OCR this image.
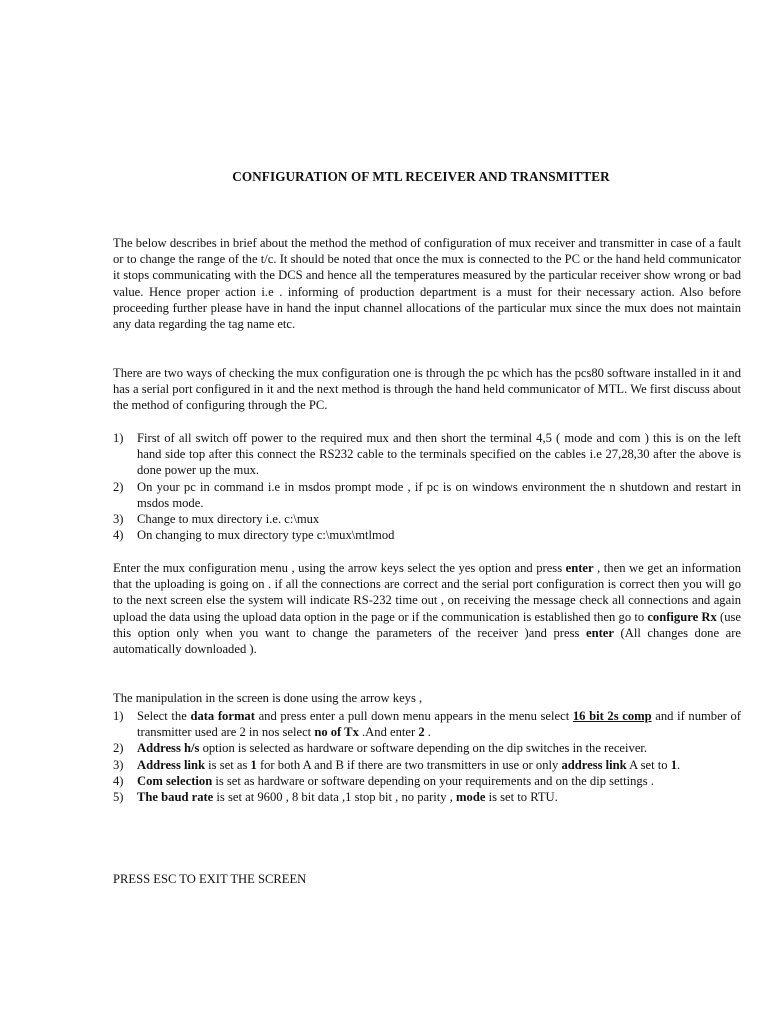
CONFIGURATION OF MTL RECEIVER AND TRANSMITTER

The below describes in brief about the method the method of configuration of mux receiver and transmitter in case of a fault or to change the range of the t/c. It should be noted that once the mux is connected to the PC or the hand held communicator it stops communicating with the DCS and hence all the temperatures measured by the particular receiver show wrong or bad value. Hence proper action i.e . informing of production department is a must for their necessary action. Also before proceeding further please have in hand the input channel allocations of the particular mux since the mux does not maintain any data regarding the tag name etc.

There are two ways of checking the mux configuration one is through the pc which has the pcs80 software installed in it and has a serial port configured in it and the next method is through the hand held communicator of MTL. We first discuss about the method of configuring through the PC.

1) First of all switch off power to the required mux and then short the terminal 4,5 ( mode and com ) this is on the left hand side top after this connect the RS232 cable to the terminals specified on the cables i.e 27,28,30 after the above is done power up the mux.
2) On your pc in command i.e in msdos prompt mode , if pc is on windows environment the n shutdown and restart in msdos mode.
3) Change to mux directory i.e. c:\mux
4) On changing to mux directory type c:\mux\mtlmod

Enter the mux configuration menu , using the arrow keys select the yes option and press enter , then we get an information that the uploading is going on . if all the connections are correct and the serial port configuration is correct then you will go to the next screen else the system will indicate RS-232 time out , on receiving the message check all connections and again upload the data using the upload data option in the page or if the communication is established then go to configure Rx (use this option only when you want to change the parameters of the receiver )and press enter (All changes done are automatically downloaded ).

The manipulation in the screen is done using the arrow keys ,

1) Select the data format and press enter a pull down menu appears in the menu select 16 bit 2s comp and if number of transmitter used are 2 in nos select no of Tx .And enter 2 .
2) Address h/s option is selected as hardware or software depending on the dip switches in the receiver.
3) Address link is set as 1 for both A and B if there are two transmitters in use or only address link A set to 1.
4) Com selection is set as hardware or software depending on your requirements and on the dip settings .
5) The baud rate is set at 9600 , 8 bit data ,1 stop bit , no parity , mode is set to RTU.
PRESS ESC TO EXIT THE SCREEN
